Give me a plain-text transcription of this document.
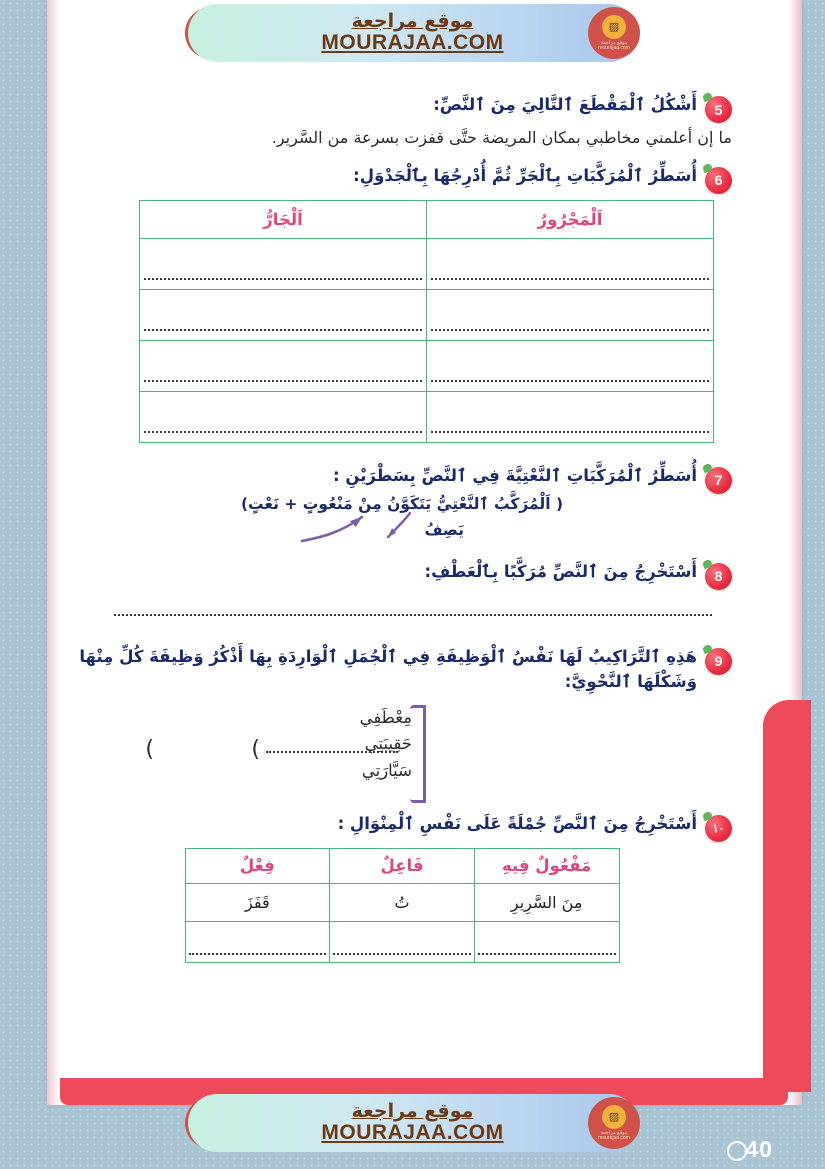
40
5
أَشْكُلُ ٱلْمَقْطَعَ ٱلتَّالِيَ مِنَ ٱلنَّصِّ:
ما إن أعلمني مخاطبي بمكان المريضة حتَّى قفزت بسرعة من السَّرير.
6
أُسَطِّرُ ٱلْمُرَكَّبَاتِ بِٱلْجَرِّ ثُمَّ أُدْرِجُهَا بِٱلْجَدْوَلِ:
اَلْمَجْرُورُ	اَلْجَارُّ

7
أُسَطِّرُ ٱلْمُرَكَّبَاتِ ٱلنَّعْتِيَّةَ فِي ٱلنَّصِّ بِسَطْرَيْنِ :
( اَلْمُرَكَّبُ ٱلنَّعْتِيُّ يَتَكَوَّنُ مِنْ مَنْعُوتٍ + نَعْتٍ)
يَصِفُ
8
أَسْتَخْرِجُ مِنَ ٱلنَّصِّ مُرَكَّبًا بِٱلْعَطْفِ:
9
هَذِهِ ٱلتَّرَاكِيبُ لَهَا نَفْسُ ٱلْوَظِيفَةِ فِي ٱلْجُمَلِ ٱلْوَارِدَةِ بِهَا أَذْكُرُ وَظِيفَةَ كُلِّ مِنْهَا وَشَكْلَهَا ٱلنَّحْوِيَّ:
مِعْطَفِي
حَقِيبَتِي
سَيَّارَتِي
)
)
١٠
أَسْتَخْرِجُ مِنَ ٱلنَّصِّ جُمْلَةً عَلَى نَفْسِ ٱلْمِنْوَالِ :
مَفْعُولٌ فِيهِ	فَاعِلٌ	فِعْلٌ
مِنَ السَّرِيرِ	تُ	قَفَزَ

موقع مراجعة
MOURAJAA.COM
▨
موقع مراجعة mourajaa.com
موقع مراجعة
MOURAJAA.COM
▨
موقع مراجعة mourajaa.com
